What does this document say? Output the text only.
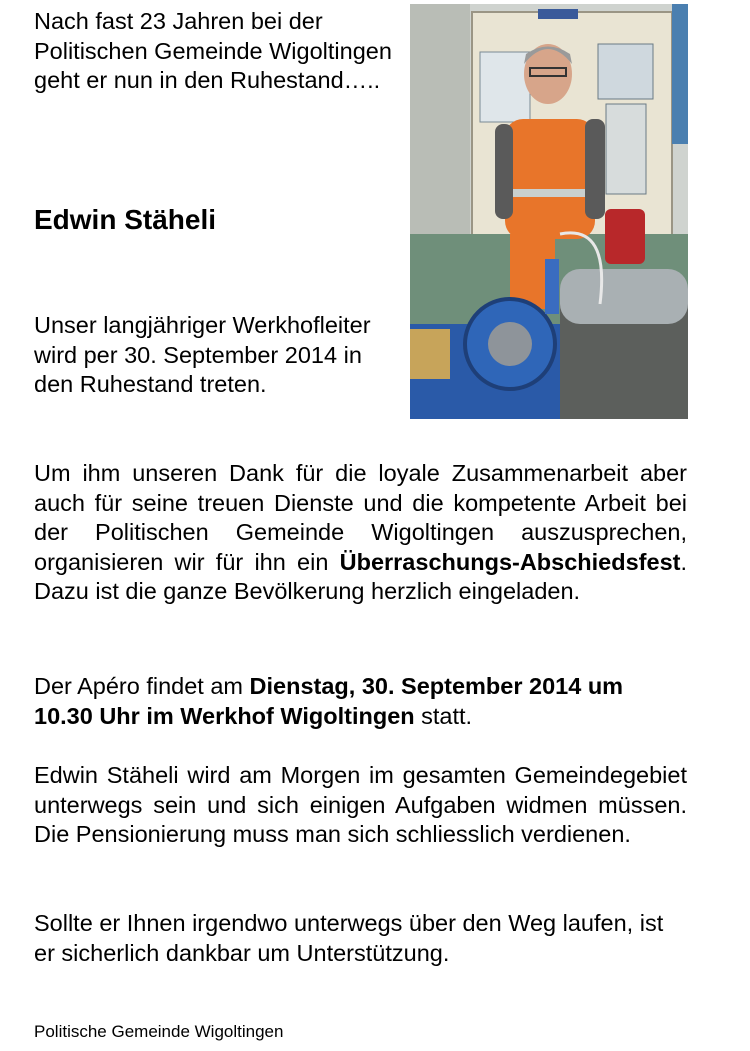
Nach fast 23 Jahren bei der Politischen Gemeinde Wigoltingen geht er nun in den Ruhestand…..

Edwin Stäheli

Unser langjähriger Werkhofleiter wird per 30. September 2014 in den Ruhestand treten.

Um ihm unseren Dank für die loyale Zusammenarbeit aber auch für seine treuen Dienste und die kompetente Arbeit bei der Politischen Gemeinde Wigoltingen auszusprechen, organisieren wir für ihn ein Überraschungs-Abschiedsfest. Dazu ist die ganze Bevölkerung herzlich eingeladen.

Der Apéro findet am Dienstag, 30. September 2014 um 10.30 Uhr im Werkhof Wigoltingen statt.

Edwin Stäheli wird am Morgen im gesamten Gemeindegebiet unterwegs sein und sich einigen Aufgaben widmen müssen. Die Pensionierung muss man sich schliesslich verdienen.

Sollte er Ihnen irgendwo unterwegs über den Weg laufen, ist er sicherlich dankbar um Unterstützung.

Politische Gemeinde Wigoltingen
